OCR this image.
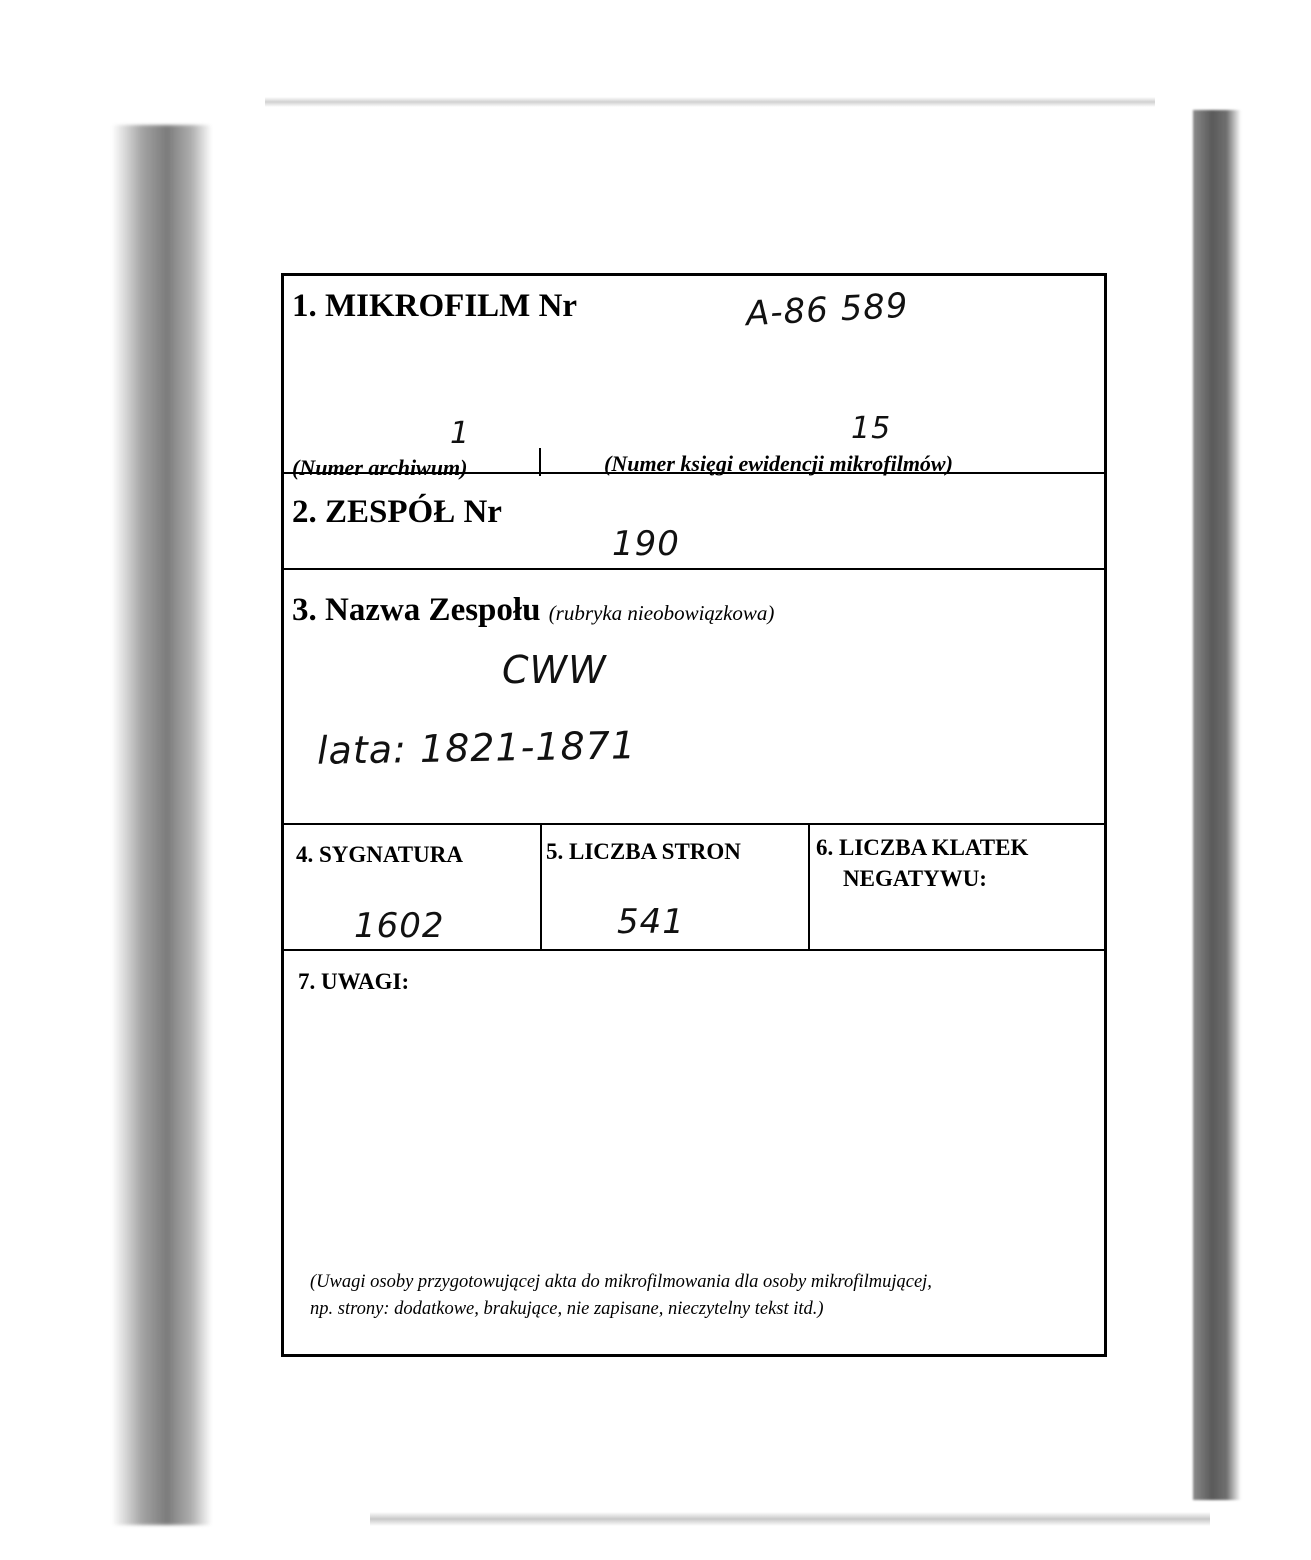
1. MIKROFILM Nr	A-86 589
1	15
(Numer archiwum)	(Numer księgi ewidencji mikrofilmów)
2. ZESPÓŁ Nr
190
3. Nazwa Zespołu (rubryka nieobowiązkowa)
CWW
lata: 1821-1871
4. SYGNATURA
1602
5. LICZBA STRON
541
6. LICZBA KLATEK
NEGATYWU:
7. UWAGI:
(Uwagi osoby przygotowującej akta do mikrofilmowania dla osoby mikrofilmującej,
np. strony: dodatkowe, brakujące, nie zapisane, nieczytelny tekst itd.)
